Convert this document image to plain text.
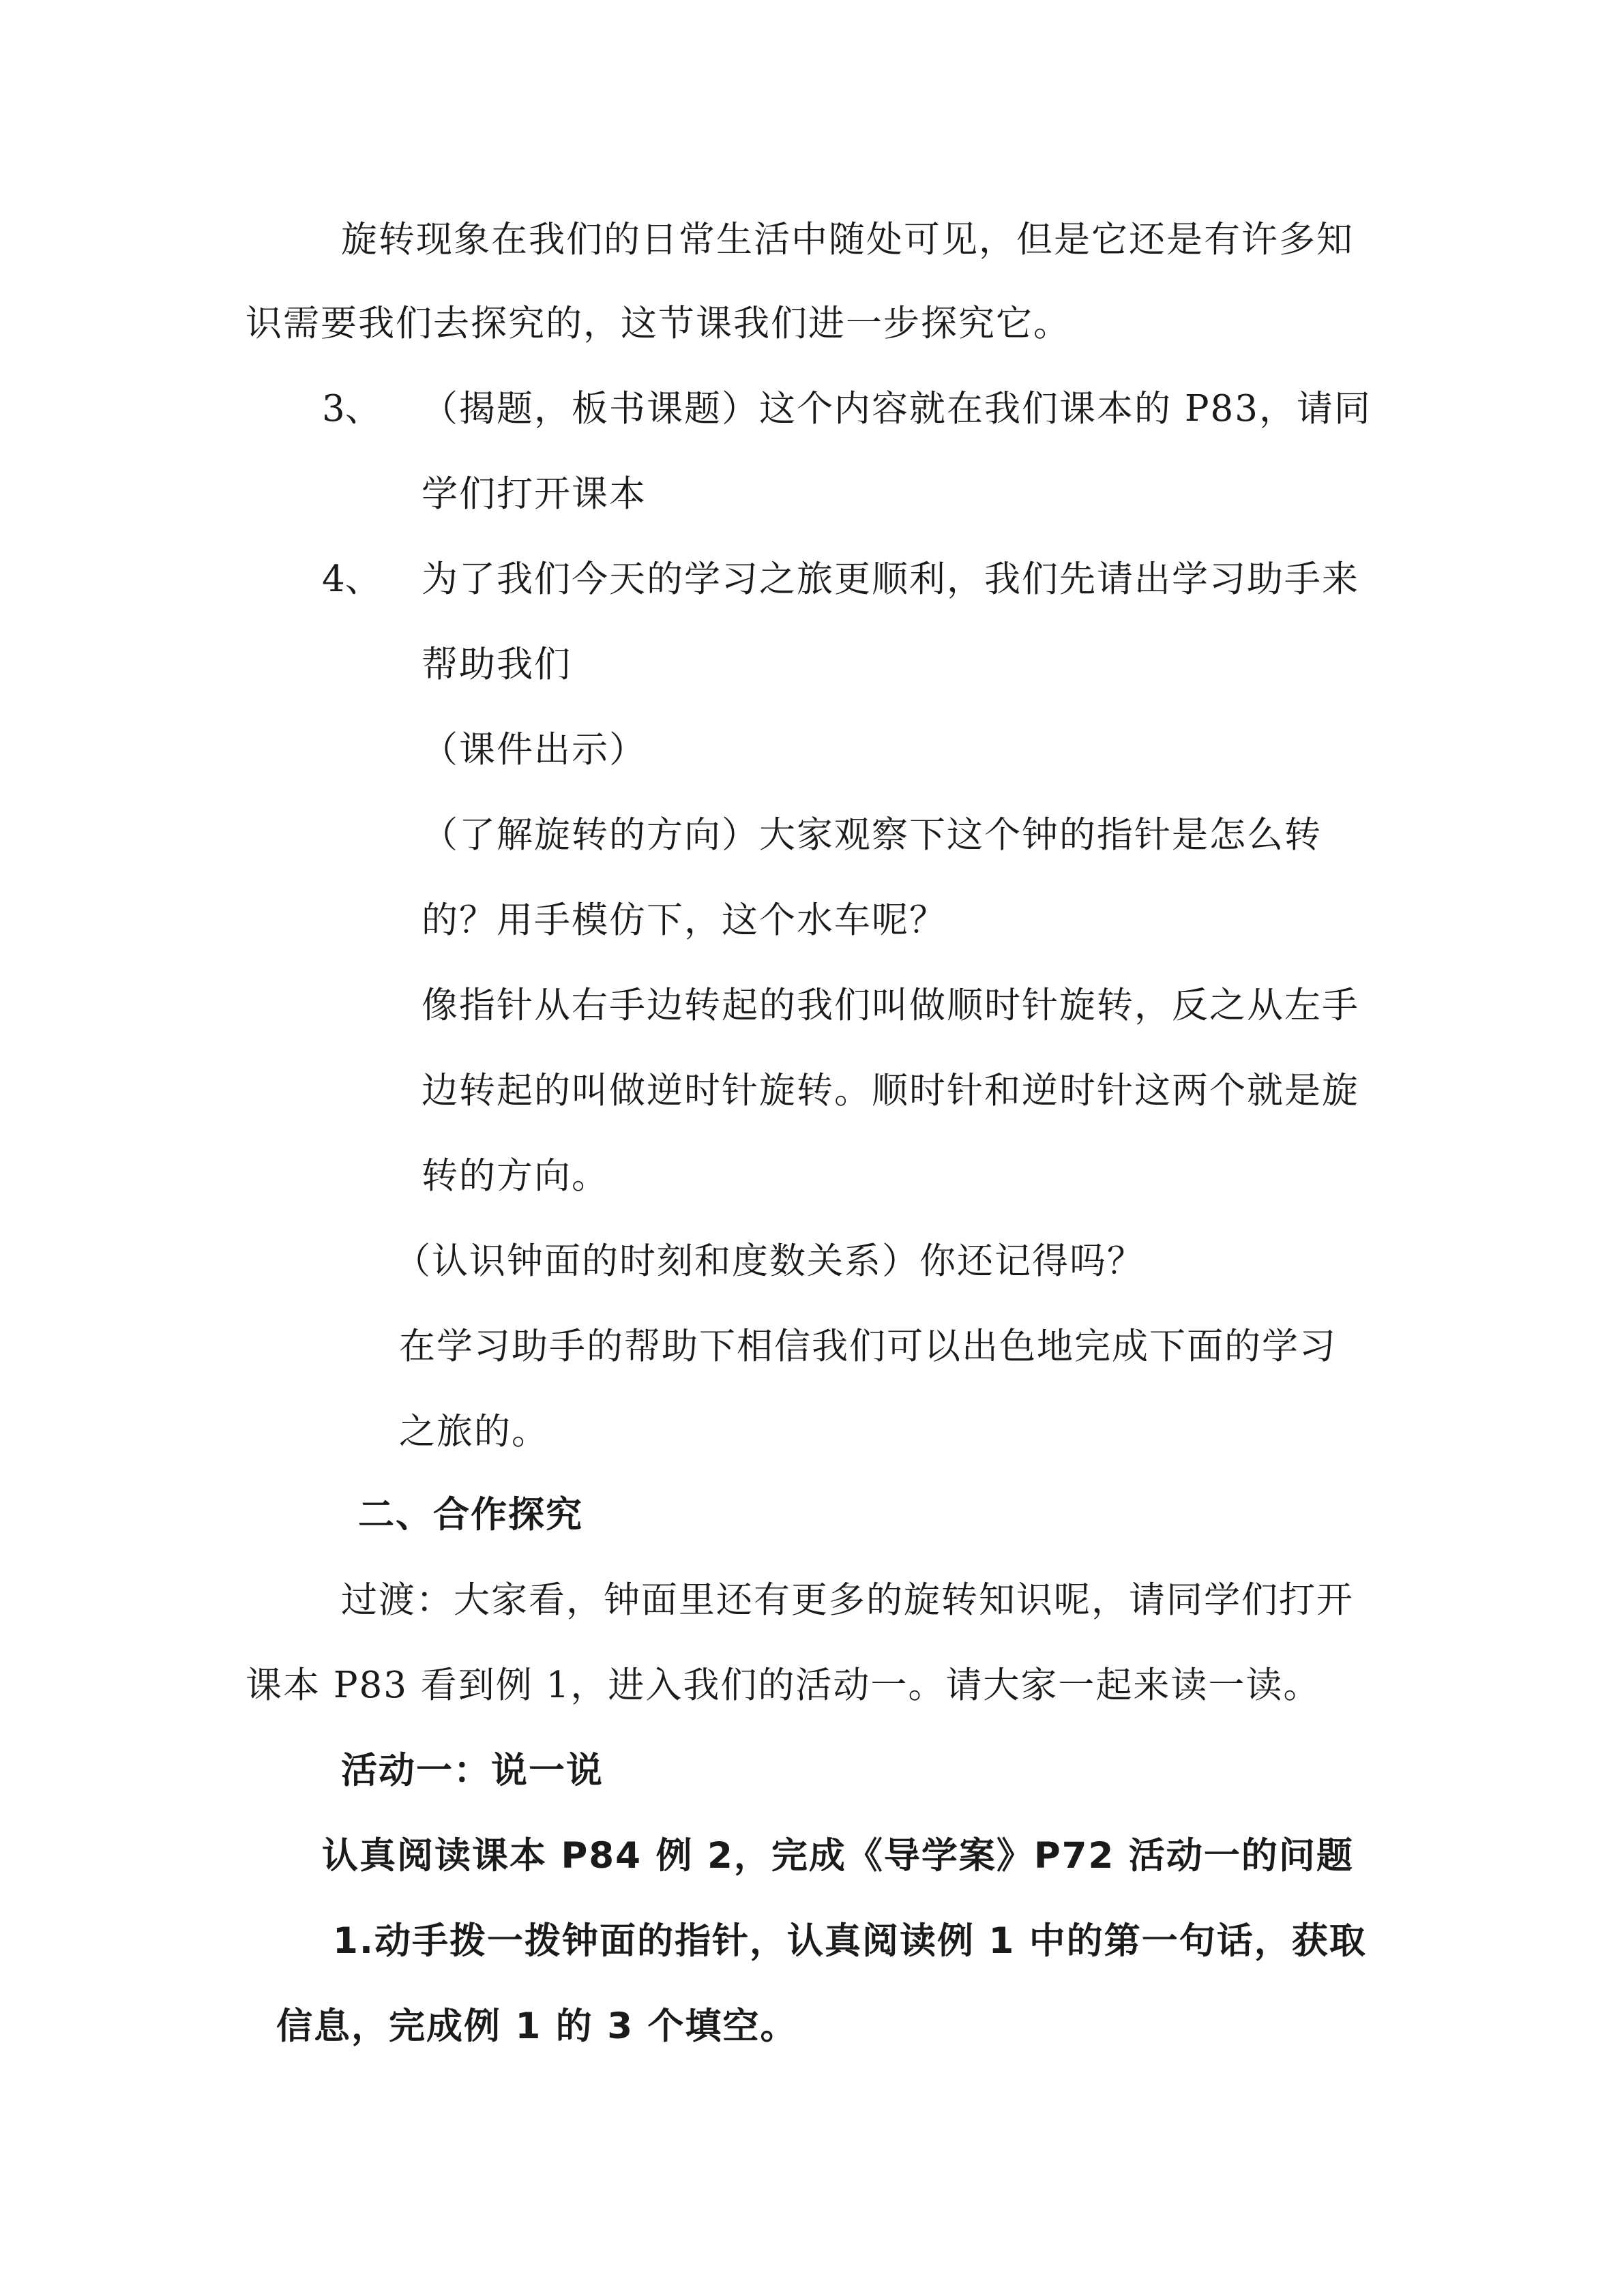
旋转现象在我们的日常生活中随处可见，但是它还是有许多知
识需要我们去探究的，这节课我们进一步探究它。
3、 （揭题，板书课题）这个内容就在我们课本的 P83，请同
学们打开课本
4、 为了我们今天的学习之旅更顺利，我们先请出学习助手来
帮助我们
（课件出示）
（了解旋转的方向）大家观察下这个钟的指针是怎么转
的？用手模仿下，这个水车呢？
像指针从右手边转起的我们叫做顺时针旋转，反之从左手
边转起的叫做逆时针旋转。顺时针和逆时针这两个就是旋
转的方向。
（认识钟面的时刻和度数关系）你还记得吗？
在学习助手的帮助下相信我们可以出色地完成下面的学习
之旅的。
二、合作探究
过渡：大家看，钟面里还有更多的旋转知识呢，请同学们打开
课本 P83 看到例 1，进入我们的活动一。请大家一起来读一读。
活动一：说一说
认真阅读课本 P84 例 2，完成《导学案》P72 活动一的问题
1.动手拨一拨钟面的指针，认真阅读例 1 中的第一句话，获取
信息，完成例 1 的 3 个填空。
